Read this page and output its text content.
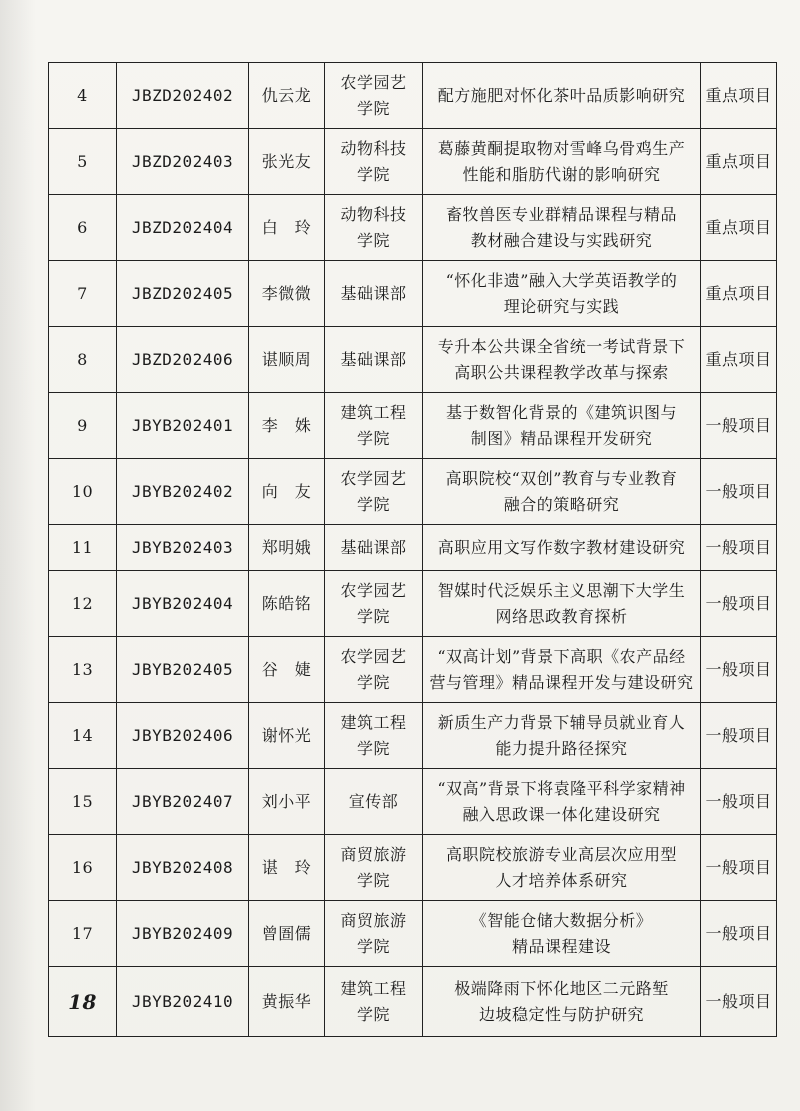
4	JBZD202402	仇云龙	农学园艺
学院	配方施肥对怀化茶叶品质影响研究	重点项目
5	JBZD202403	张光友	动物科技
学院	葛藤黄酮提取物对雪峰乌骨鸡生产
性能和脂肪代谢的影响研究	重点项目
6	JBZD202404	白　玲	动物科技
学院	畜牧兽医专业群精品课程与精品
教材融合建设与实践研究	重点项目
7	JBZD202405	李微微	基础课部	“怀化非遗”融入大学英语教学的
理论研究与实践	重点项目
8	JBZD202406	谌顺周	基础课部	专升本公共课全省统一考试背景下
高职公共课程教学改革与探索	重点项目
9	JBYB202401	李　姝	建筑工程
学院	基于数智化背景的《建筑识图与
制图》精品课程开发研究	一般项目
10	JBYB202402	向　友	农学园艺
学院	高职院校“双创”教育与专业教育
融合的策略研究	一般项目
11	JBYB202403	郑明娥	基础课部	高职应用文写作数字教材建设研究	一般项目
12	JBYB202404	陈皓铭	农学园艺
学院	智媒时代泛娱乐主义思潮下大学生
网络思政教育探析	一般项目
13	JBYB202405	谷　婕	农学园艺
学院	“双高计划”背景下高职《农产品经
营与管理》精品课程开发与建设研究	一般项目
14	JBYB202406	谢怀光	建筑工程
学院	新质生产力背景下辅导员就业育人
能力提升路径探究	一般项目
15	JBYB202407	刘小平	宣传部	“双高”背景下将袁隆平科学家精神
融入思政课一体化建设研究	一般项目
16	JBYB202408	谌　玲	商贸旅游
学院	高职院校旅游专业高层次应用型
人才培养体系研究	一般项目
17	JBYB202409	曾圄儒	商贸旅游
学院	《智能仓储大数据分析》
精品课程建设	一般项目
18	JBYB202410	黄振华	建筑工程
学院	极端降雨下怀化地区二元路堑
边坡稳定性与防护研究	一般项目
